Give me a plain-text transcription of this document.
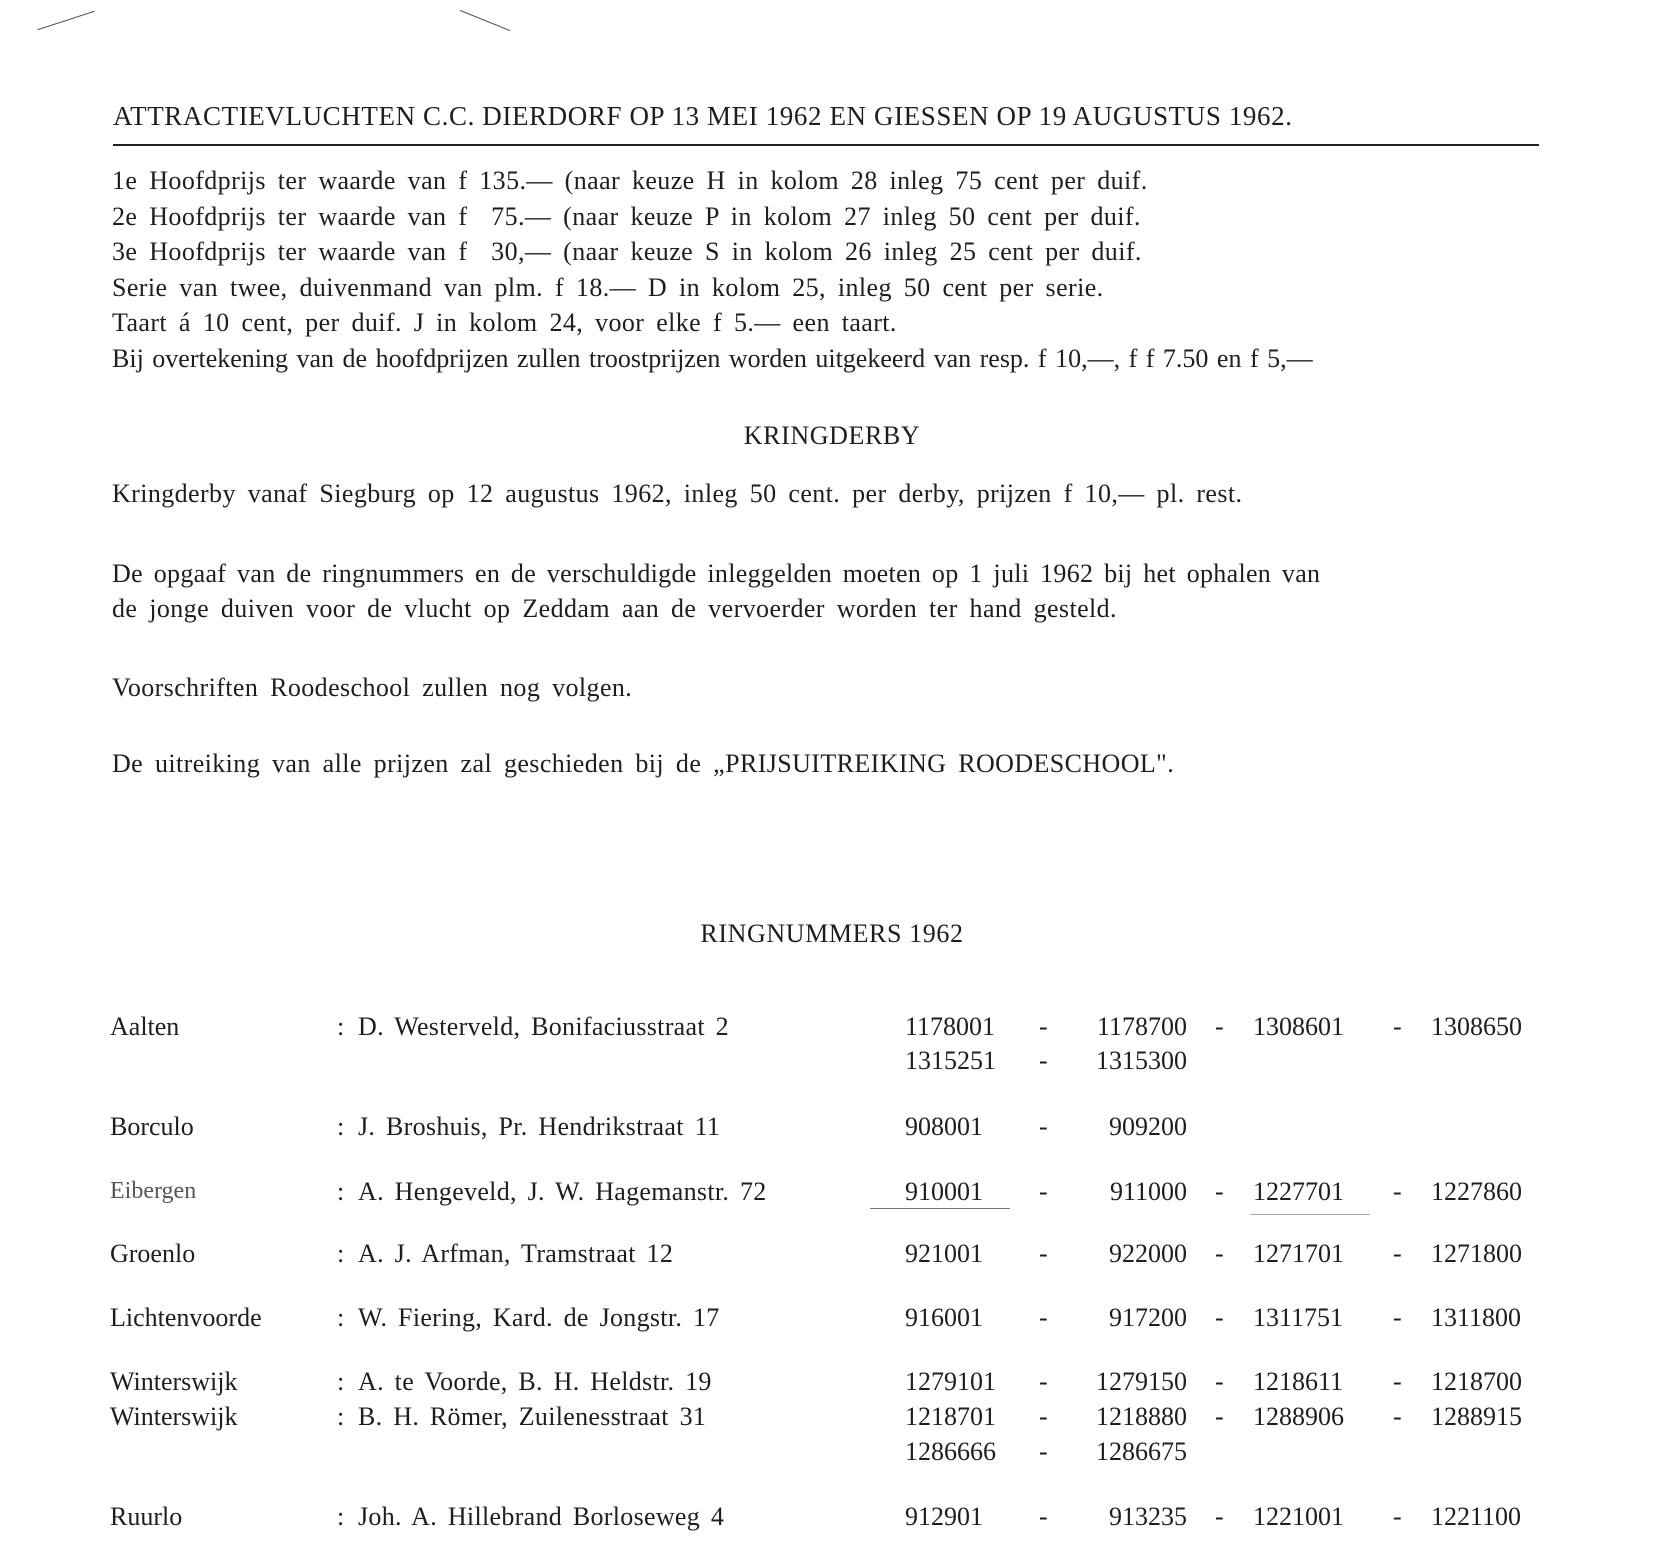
ATTRACTIEVLUCHTEN C.C. DIERDORF OP 13 MEI 1962 EN GIESSEN OP 19 AUGUSTUS 1962.
1e Hoofdprijs ter waarde van f 135.— (naar keuze H in kolom 28 inleg 75 cent per duif.
2e Hoofdprijs ter waarde van f  75.— (naar keuze P in kolom 27 inleg 50 cent per duif.
3e Hoofdprijs ter waarde van f  30,— (naar keuze S in kolom 26 inleg 25 cent per duif.
Serie van twee, duivenmand van plm. f 18.— D in kolom 25, inleg 50 cent per serie.
Taart á 10 cent, per duif. J in kolom 24, voor elke f 5.— een taart.
Bij overtekening van de hoofdprijzen zullen troostprijzen worden uitgekeerd van resp. f 10,—, f f 7.50 en f 5,—
KRINGDERBY
Kringderby vanaf Siegburg op 12 augustus 1962, inleg 50 cent. per derby, prijzen f 10,— pl. rest.
De opgaaf van de ringnummers en de verschuldigde inleggelden moeten op 1 juli 1962 bij het ophalen van
de jonge duiven voor de vlucht op Zeddam aan de vervoerder worden ter hand gesteld.
Voorschriften Roodeschool zullen nog volgen.
De uitreiking van alle prijzen zal geschieden bij de „PRIJSUITREIKING ROODESCHOOL".
RINGNUMMERS 1962
Aalten	: D. Westerveld, Bonifaciusstraat 2	1178001 -	1178700 - 1308601 - 1308650
1315251 -	1315300
Borculo	: J. Broshuis, Pr. Hendrikstraat 11	908001 -	909200
Eibergen	: A. Hengeveld, J. W. Hagemanstr. 72	910001 -	911000 - 1227701 - 1227860
Groenlo	: A. J. Arfman, Tramstraat 12	921001 -	922000 - 1271701 - 1271800
Lichtenvoorde	: W. Fiering, Kard. de Jongstr. 17	916001 -	917200 - 1311751 - 1311800
Winterswijk	: A. te Voorde, B. H. Heldstr. 19	1279101 -	1279150 - 1218611 - 1218700
Winterswijk	: B. H. Römer, Zuilenesstraat 31	1218701 -	1218880 - 1288906 - 1288915
1286666 -	1286675
Ruurlo	: Joh. A. Hillebrand Borloseweg 4	912901 -	913235 - 1221001 - 1221100
